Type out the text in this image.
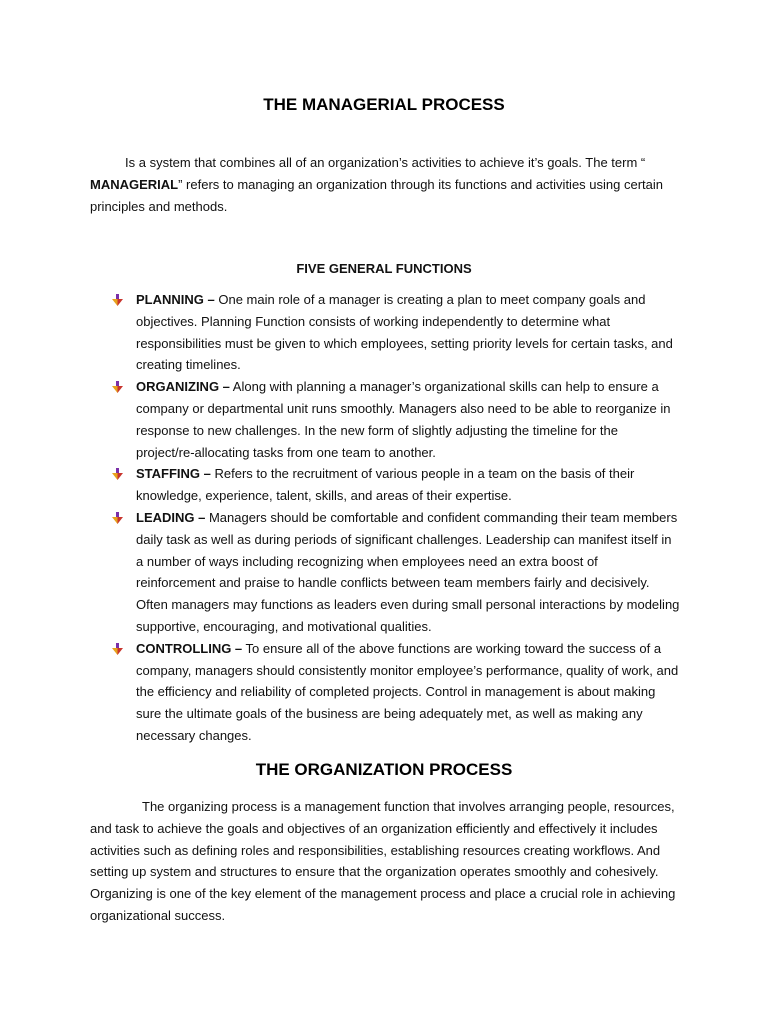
THE MANAGERIAL PROCESS

Is a system that combines all of an organization’s activities to achieve it’s goals. The term “ MANAGERIAL” refers to managing an organization through its functions and activities using certain principles and methods.

FIVE GENERAL FUNCTIONS
PLANNING – One main role of a manager is creating a plan to meet company goals and objectives. Planning Function consists of working independently to determine what responsibilities must be given to which employees, setting priority levels for certain tasks, and creating timelines.
ORGANIZING – Along with planning a manager’s organizational skills can help to ensure a company or departmental unit runs smoothly. Managers also need to be able to reorganize in response to new challenges. In the new form of slightly adjusting the timeline for the project/re-allocating tasks from one team to another.
STAFFING – Refers to the recruitment of various people in a team on the basis of their knowledge, experience, talent, skills, and areas of their expertise.
LEADING – Managers should be comfortable and confident commanding their team members daily task as well as during periods of significant challenges. Leadership can manifest itself in a number of ways including recognizing when employees need an extra boost of reinforcement and praise to handle conflicts between team members fairly and decisively. Often managers may functions as leaders even during small personal interactions by modeling supportive, encouraging, and motivational qualities.
CONTROLLING – To ensure all of the above functions are working toward the success of a company, managers should consistently monitor employee’s performance, quality of work, and the efficiency and reliability of completed projects. Control in management is about making sure the ultimate goals of the business are being adequately met, as well as making any necessary changes.
THE ORGANIZATION PROCESS

The organizing process is a management function that involves arranging people, resources, and task to achieve the goals and objectives of an organization efficiently and effectively it includes activities such as defining roles and responsibilities, establishing resources creating workflows. And setting up system and structures to ensure that the organization operates smoothly and cohesively. Organizing is one of the key element of the management process and place a crucial role in achieving organizational success.
